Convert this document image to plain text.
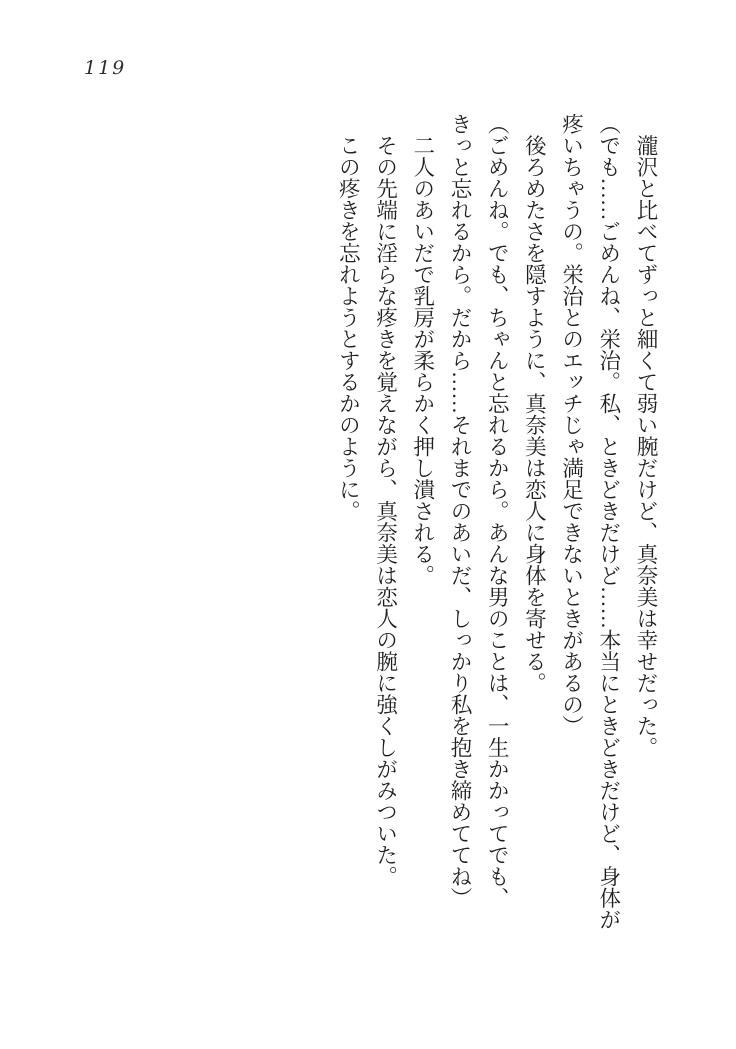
119

　瀧沢と比べてずっと細くて弱い腕だけど、真奈美は幸せだった。

（でも……ごめんね、栄治。私、ときどきだけど……本当にときどきだけど、身体が

疼いちゃうの。栄治とのエッチじゃ満足できないときがあるの）

　後ろめたさを隠すように、真奈美は恋人に身体を寄せる。

（ごめんね。でも、ちゃんと忘れるから。あんな男のことは、一生かかってでも、

きっと忘れるから。だから……それまでのあいだ、しっかり私を抱き締めててね）

　二人のあいだで乳房が柔らかく押し潰される。

　その先端に淫らな疼きを覚えながら、真奈美は恋人の腕に強くしがみついた。

　この疼きを忘れようとするかのように。
